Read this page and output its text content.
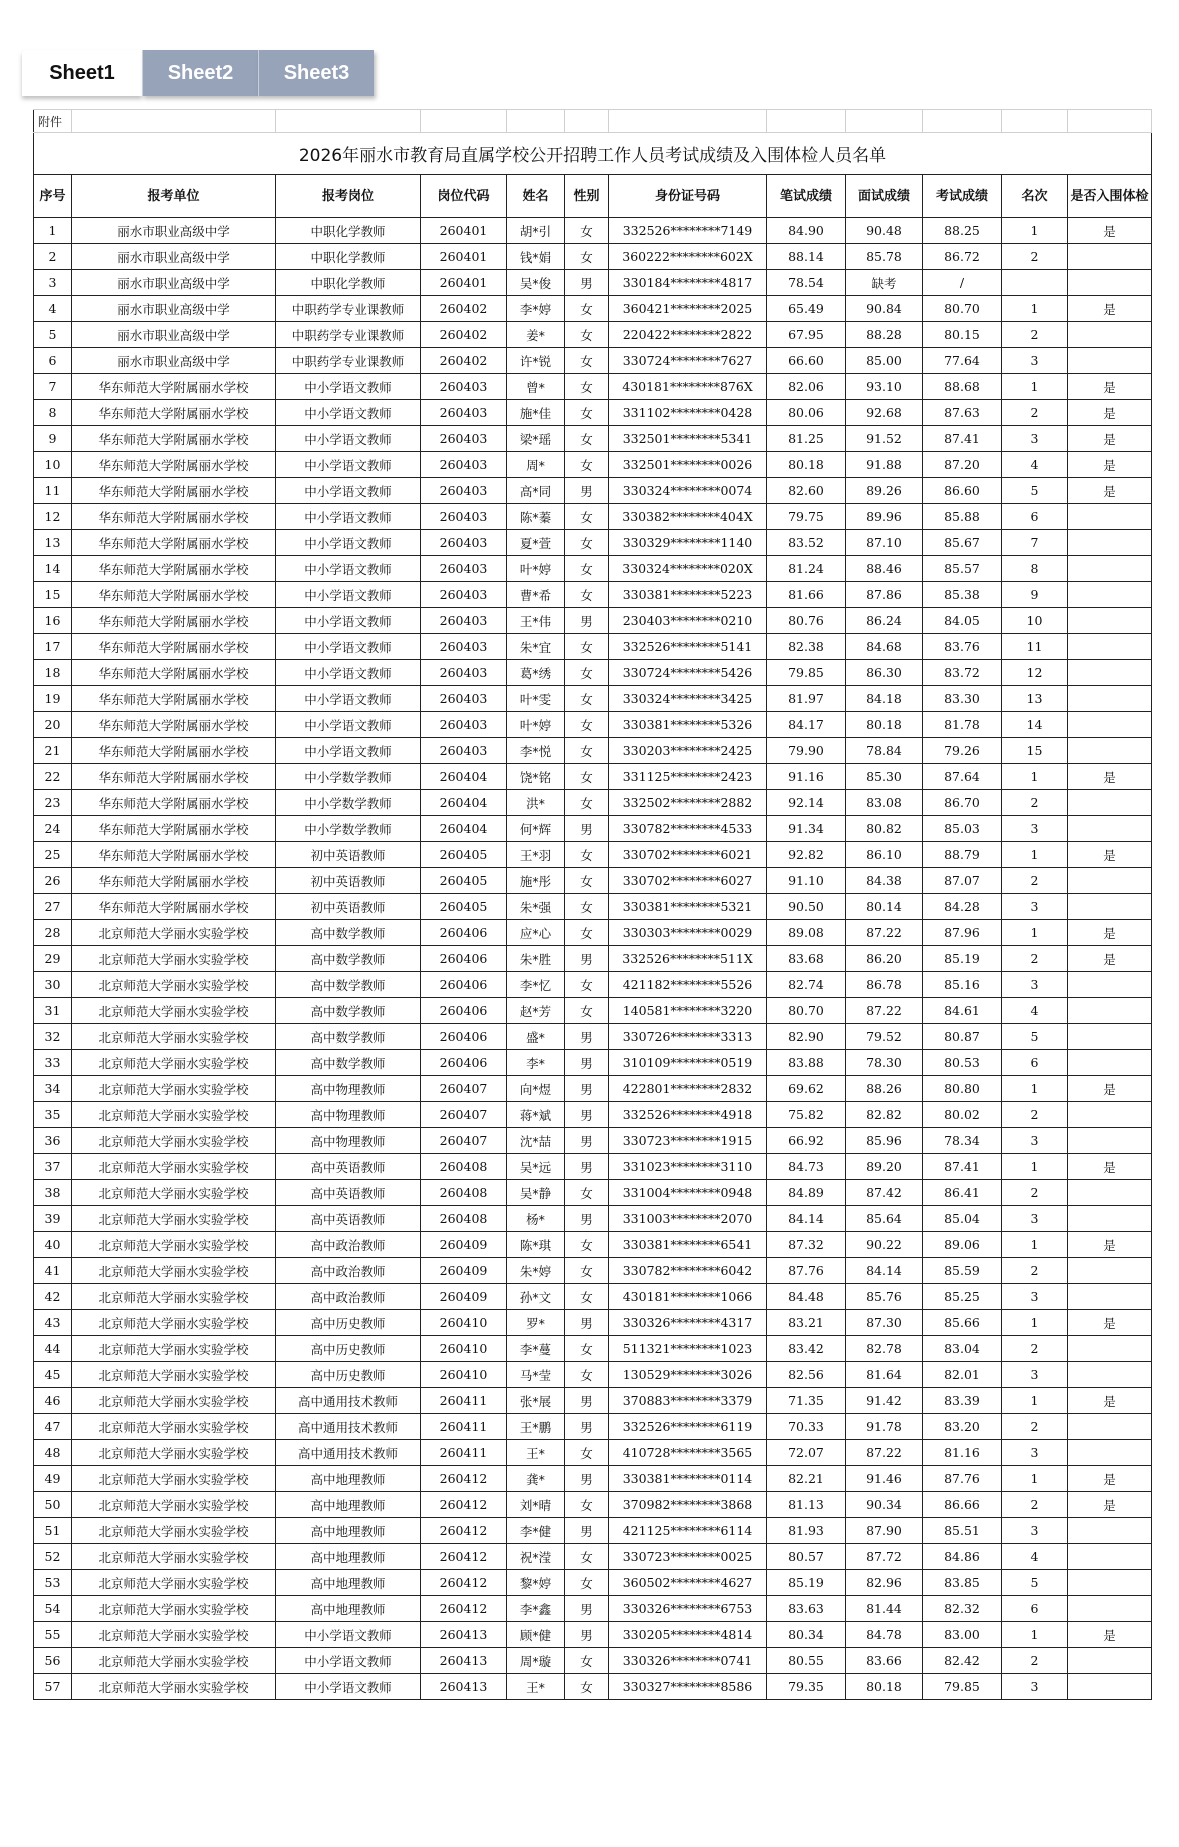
Sheet1	Sheet2	Sheet3
附件											
2026年丽水市教育局直属学校公开招聘工作人员考试成绩及入围体检人员名单											
序号	报考单位	报考岗位	岗位代码	姓名	性别	身份证号码	笔试成绩	面试成绩	考试成绩	名次	是否入围体检
1	丽水市职业高级中学	中职化学教师	260401	胡*引	女	332526********7149	84.90	90.48	88.25	1	是
2	丽水市职业高级中学	中职化学教师	260401	钱*娟	女	360222********602X	88.14	85.78	86.72	2	
3	丽水市职业高级中学	中职化学教师	260401	吴*俊	男	330184********4817	78.54	缺考	/		
4	丽水市职业高级中学	中职药学专业课教师	260402	李*婷	女	360421********2025	65.49	90.84	80.70	1	是
5	丽水市职业高级中学	中职药学专业课教师	260402	姜*	女	220422********2822	67.95	88.28	80.15	2	
6	丽水市职业高级中学	中职药学专业课教师	260402	许*锐	女	330724********7627	66.60	85.00	77.64	3	
7	华东师范大学附属丽水学校	中小学语文教师	260403	曾*	女	430181********876X	82.06	93.10	88.68	1	是
8	华东师范大学附属丽水学校	中小学语文教师	260403	施*佳	女	331102********0428	80.06	92.68	87.63	2	是
9	华东师范大学附属丽水学校	中小学语文教师	260403	梁*瑶	女	332501********5341	81.25	91.52	87.41	3	是
10	华东师范大学附属丽水学校	中小学语文教师	260403	周*	女	332501********0026	80.18	91.88	87.20	4	是
11	华东师范大学附属丽水学校	中小学语文教师	260403	高*同	男	330324********0074	82.60	89.26	86.60	5	是
12	华东师范大学附属丽水学校	中小学语文教师	260403	陈*蓁	女	330382********404X	79.75	89.96	85.88	6	
13	华东师范大学附属丽水学校	中小学语文教师	260403	夏*萱	女	330329********1140	83.52	87.10	85.67	7	
14	华东师范大学附属丽水学校	中小学语文教师	260403	叶*婷	女	330324********020X	81.24	88.46	85.57	8	
15	华东师范大学附属丽水学校	中小学语文教师	260403	曹*希	女	330381********5223	81.66	87.86	85.38	9	
16	华东师范大学附属丽水学校	中小学语文教师	260403	王*伟	男	230403********0210	80.76	86.24	84.05	10	
17	华东师范大学附属丽水学校	中小学语文教师	260403	朱*宜	女	332526********5141	82.38	84.68	83.76	11	
18	华东师范大学附属丽水学校	中小学语文教师	260403	葛*绣	女	330724********5426	79.85	86.30	83.72	12	
19	华东师范大学附属丽水学校	中小学语文教师	260403	叶*雯	女	330324********3425	81.97	84.18	83.30	13	
20	华东师范大学附属丽水学校	中小学语文教师	260403	叶*婷	女	330381********5326	84.17	80.18	81.78	14	
21	华东师范大学附属丽水学校	中小学语文教师	260403	李*悦	女	330203********2425	79.90	78.84	79.26	15	
22	华东师范大学附属丽水学校	中小学数学教师	260404	饶*铭	女	331125********2423	91.16	85.30	87.64	1	是
23	华东师范大学附属丽水学校	中小学数学教师	260404	洪*	女	332502********2882	92.14	83.08	86.70	2	
24	华东师范大学附属丽水学校	中小学数学教师	260404	何*辉	男	330782********4533	91.34	80.82	85.03	3	
25	华东师范大学附属丽水学校	初中英语教师	260405	王*羽	女	330702********6021	92.82	86.10	88.79	1	是
26	华东师范大学附属丽水学校	初中英语教师	260405	施*彤	女	330702********6027	91.10	84.38	87.07	2	
27	华东师范大学附属丽水学校	初中英语教师	260405	朱*强	女	330381********5321	90.50	80.14	84.28	3	
28	北京师范大学丽水实验学校	高中数学教师	260406	应*心	女	330303********0029	89.08	87.22	87.96	1	是
29	北京师范大学丽水实验学校	高中数学教师	260406	朱*胜	男	332526********511X	83.68	86.20	85.19	2	是
30	北京师范大学丽水实验学校	高中数学教师	260406	李*忆	女	421182********5526	82.74	86.78	85.16	3	
31	北京师范大学丽水实验学校	高中数学教师	260406	赵*芳	女	140581********3220	80.70	87.22	84.61	4	
32	北京师范大学丽水实验学校	高中数学教师	260406	盛*	男	330726********3313	82.90	79.52	80.87	5	
33	北京师范大学丽水实验学校	高中数学教师	260406	李*	男	310109********0519	83.88	78.30	80.53	6	
34	北京师范大学丽水实验学校	高中物理教师	260407	向*煜	男	422801********2832	69.62	88.26	80.80	1	是
35	北京师范大学丽水实验学校	高中物理教师	260407	蒋*斌	男	332526********4918	75.82	82.82	80.02	2	
36	北京师范大学丽水实验学校	高中物理教师	260407	沈*喆	男	330723********1915	66.92	85.96	78.34	3	
37	北京师范大学丽水实验学校	高中英语教师	260408	吴*远	男	331023********3110	84.73	89.20	87.41	1	是
38	北京师范大学丽水实验学校	高中英语教师	260408	吴*静	女	331004********0948	84.89	87.42	86.41	2	
39	北京师范大学丽水实验学校	高中英语教师	260408	杨*	男	331003********2070	84.14	85.64	85.04	3	
40	北京师范大学丽水实验学校	高中政治教师	260409	陈*琪	女	330381********6541	87.32	90.22	89.06	1	是
41	北京师范大学丽水实验学校	高中政治教师	260409	朱*婷	女	330782********6042	87.76	84.14	85.59	2	
42	北京师范大学丽水实验学校	高中政治教师	260409	孙*文	女	430181********1066	84.48	85.76	85.25	3	
43	北京师范大学丽水实验学校	高中历史教师	260410	罗*	男	330326********4317	83.21	87.30	85.66	1	是
44	北京师范大学丽水实验学校	高中历史教师	260410	李*蔓	女	511321********1023	83.42	82.78	83.04	2	
45	北京师范大学丽水实验学校	高中历史教师	260410	马*莹	女	130529********3026	82.56	81.64	82.01	3	
46	北京师范大学丽水实验学校	高中通用技术教师	260411	张*展	男	370883********3379	71.35	91.42	83.39	1	是
47	北京师范大学丽水实验学校	高中通用技术教师	260411	王*鹏	男	332526********6119	70.33	91.78	83.20	2	
48	北京师范大学丽水实验学校	高中通用技术教师	260411	王*	女	410728********3565	72.07	87.22	81.16	3	
49	北京师范大学丽水实验学校	高中地理教师	260412	龚*	男	330381********0114	82.21	91.46	87.76	1	是
50	北京师范大学丽水实验学校	高中地理教师	260412	刘*晴	女	370982********3868	81.13	90.34	86.66	2	是
51	北京师范大学丽水实验学校	高中地理教师	260412	李*健	男	421125********6114	81.93	87.90	85.51	3	
52	北京师范大学丽水实验学校	高中地理教师	260412	祝*滢	女	330723********0025	80.57	87.72	84.86	4	
53	北京师范大学丽水实验学校	高中地理教师	260412	黎*婷	女	360502********4627	85.19	82.96	83.85	5	
54	北京师范大学丽水实验学校	高中地理教师	260412	李*鑫	男	330326********6753	83.63	81.44	82.32	6	
55	北京师范大学丽水实验学校	中小学语文教师	260413	顾*健	男	330205********4814	80.34	84.78	83.00	1	是
56	北京师范大学丽水实验学校	中小学语文教师	260413	周*璇	女	330326********0741	80.55	83.66	82.42	2	
57	北京师范大学丽水实验学校	中小学语文教师	260413	王*	女	330327********8586	79.35	80.18	79.85	3	
